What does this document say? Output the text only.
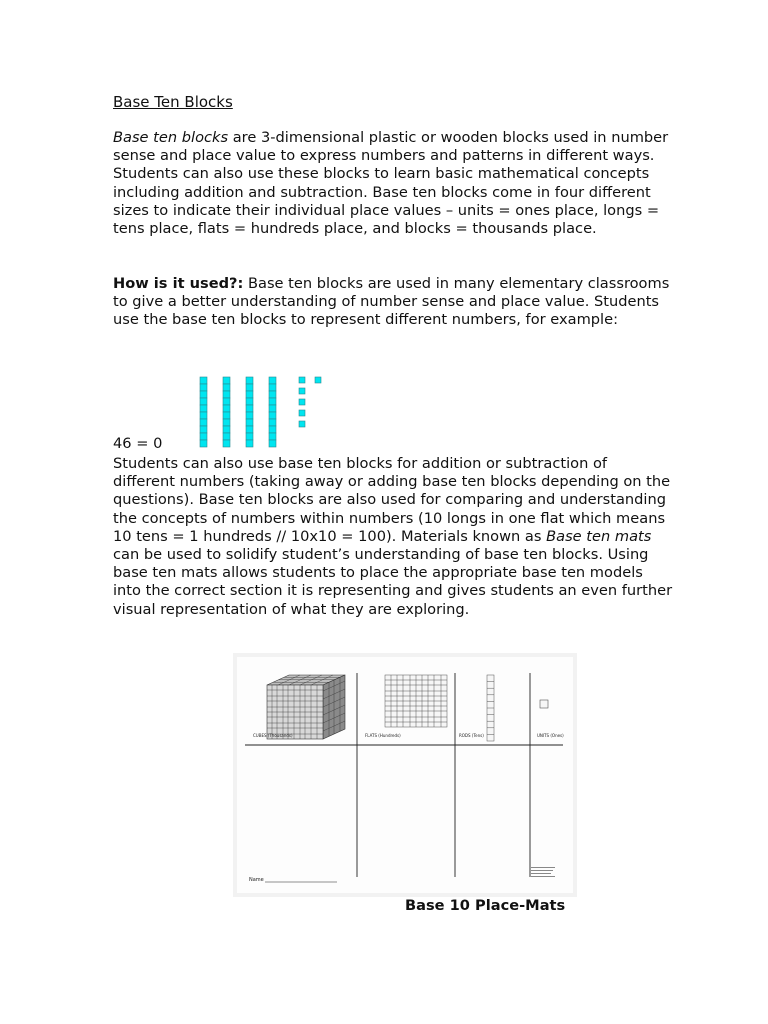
Base Ten Blocks

Base ten blocks are 3-dimensional plastic or wooden blocks used in number sense and place value to express numbers and patterns in different ways. Students can also use these blocks to learn basic mathematical concepts including addition and subtraction. Base ten blocks come in four different sizes to indicate their individual place values – units = ones place, longs = tens place, flats = hundreds place, and blocks = thousands place.

How is it used?: Base ten blocks are used in many elementary classrooms to give a better understanding of number sense and place value. Students use the base ten blocks to represent different numbers, for example:

46 = 0

Students can also use base ten blocks for addition or subtraction of different numbers (taking away or adding base ten blocks depending on the questions). Base ten blocks are also used for comparing and understanding the concepts of numbers within numbers (10 longs in one flat which means 10 tens = 1 hundreds // 10x10 = 100). Materials known as Base ten mats can be used to solidify student’s understanding of base ten blocks. Using base ten mats allows students to place the appropriate base ten models into the correct section it is representing and gives students an even further visual representation of what they are exploring.

CUBES (Thousands)	FLATS (Hundreds)	RODS (Tens)	UNITS (Ones)
Name

Base 10 Place-Mats
